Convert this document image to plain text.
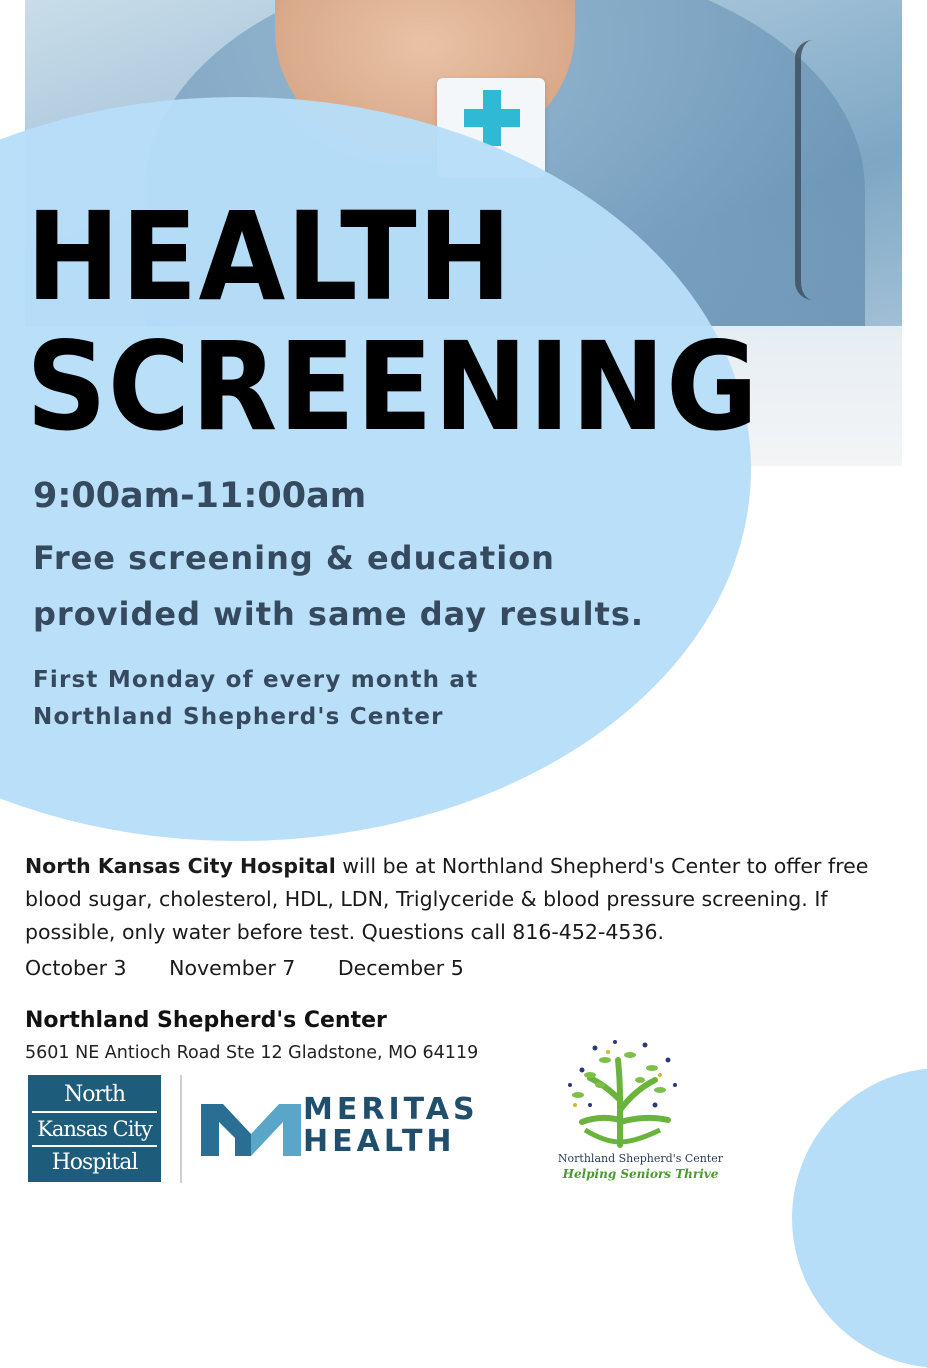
HEALTH
SCREENING

9:00am-11:00am

Free screening & education
provided with same day results.

First Monday of every month at
Northland Shepherd's Center

North Kansas City Hospital will be at Northland Shepherd's Center to offer free blood sugar, cholesterol, HDL, LDN, Triglyceride & blood pressure screening. If possible, only water before test. Questions call 816-452-4536.

October 3 November 7 December 5

Northland Shepherd's Center

5601 NE Antioch Road Ste 12 Gladstone, MO 64119

North
Kansas City
Hospital

MERITAS
HEALTH	Northland Shepherd's Center

Helping Seniors Thrive
